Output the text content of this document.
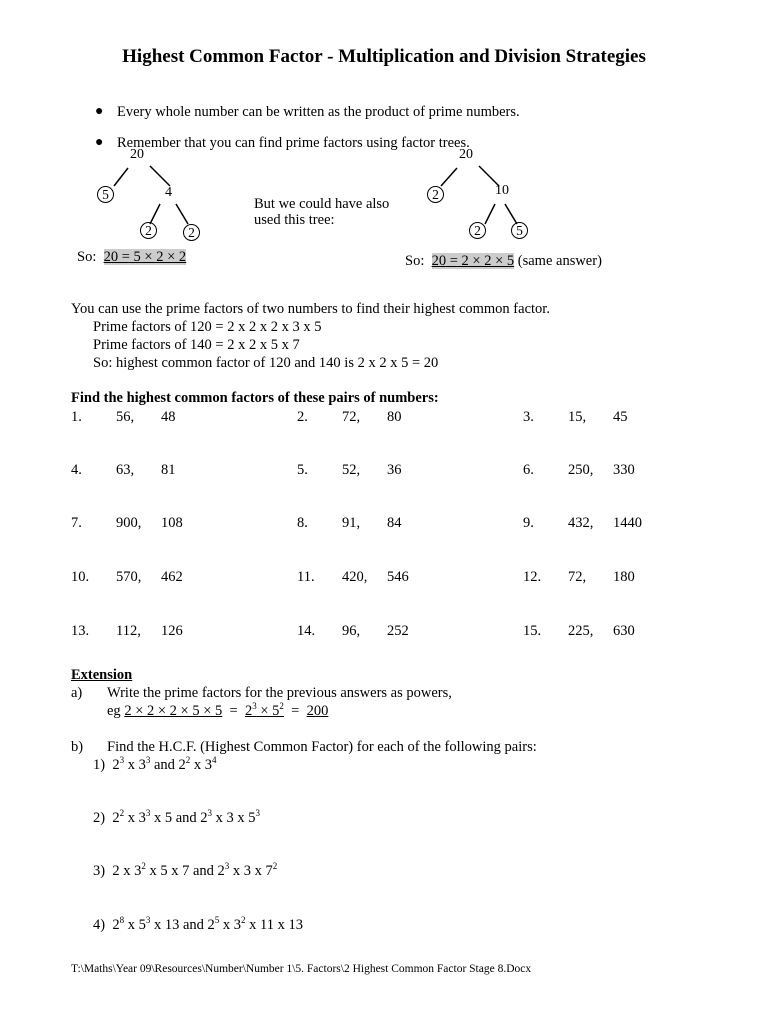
Highest Common Factor - Multiplication and Division Strategies
● Every whole number can be written as the product of prime numbers.
● Remember that you can find prime factors using factor trees.
20
5	4
2	2
So: 20 = 5 × 2 × 2
But we could have also
used this tree:
20
2	10
2	5
So: 20 = 2 × 2 × 5 (same answer)
You can use the prime factors of two numbers to find their highest common factor.
Prime factors of 120 = 2 x 2 x 2 x 3 x 5
Prime factors of 140 = 2 x 2 x 5 x 7
So: highest common factor of 120 and 140 is 2 x 2 x 5 = 20
Find the highest common factors of these pairs of numbers:
1. 56, 48	2. 72, 80	3. 15, 45
4. 63, 81	5. 52, 36	6. 250, 330
7. 900, 108	8. 91, 84	9. 432, 1440
10. 570, 462	11. 420, 546	12. 72, 180
13. 112, 126	14. 96, 252	15. 225, 630
Extension
a) Write the prime factors for the previous answers as powers,
eg $2 \times 2 \times 2 \times 5 \times 5 = 2^3 \times 5^2 = 200$
b) Find the H.C.F. (Highest Common Factor) for each of the following pairs:
1)  $2^3$ x $3^3$ and $2^2$ x $3^4$
2)  $2^2$ x $3^3$ x 5 and $2^3$ x 3 x $5^3$
3)  2 x $3^2$ x 5 x 7 and $2^3$ x 3 x $7^2$
4)  $2^8$ x $5^3$ x 13 and $2^5$ x $3^2$ x 11 x 13
T:\Maths\Year 09\Resources\Number\Number 1\5. Factors\2 Highest Common Factor Stage 8.Docx
